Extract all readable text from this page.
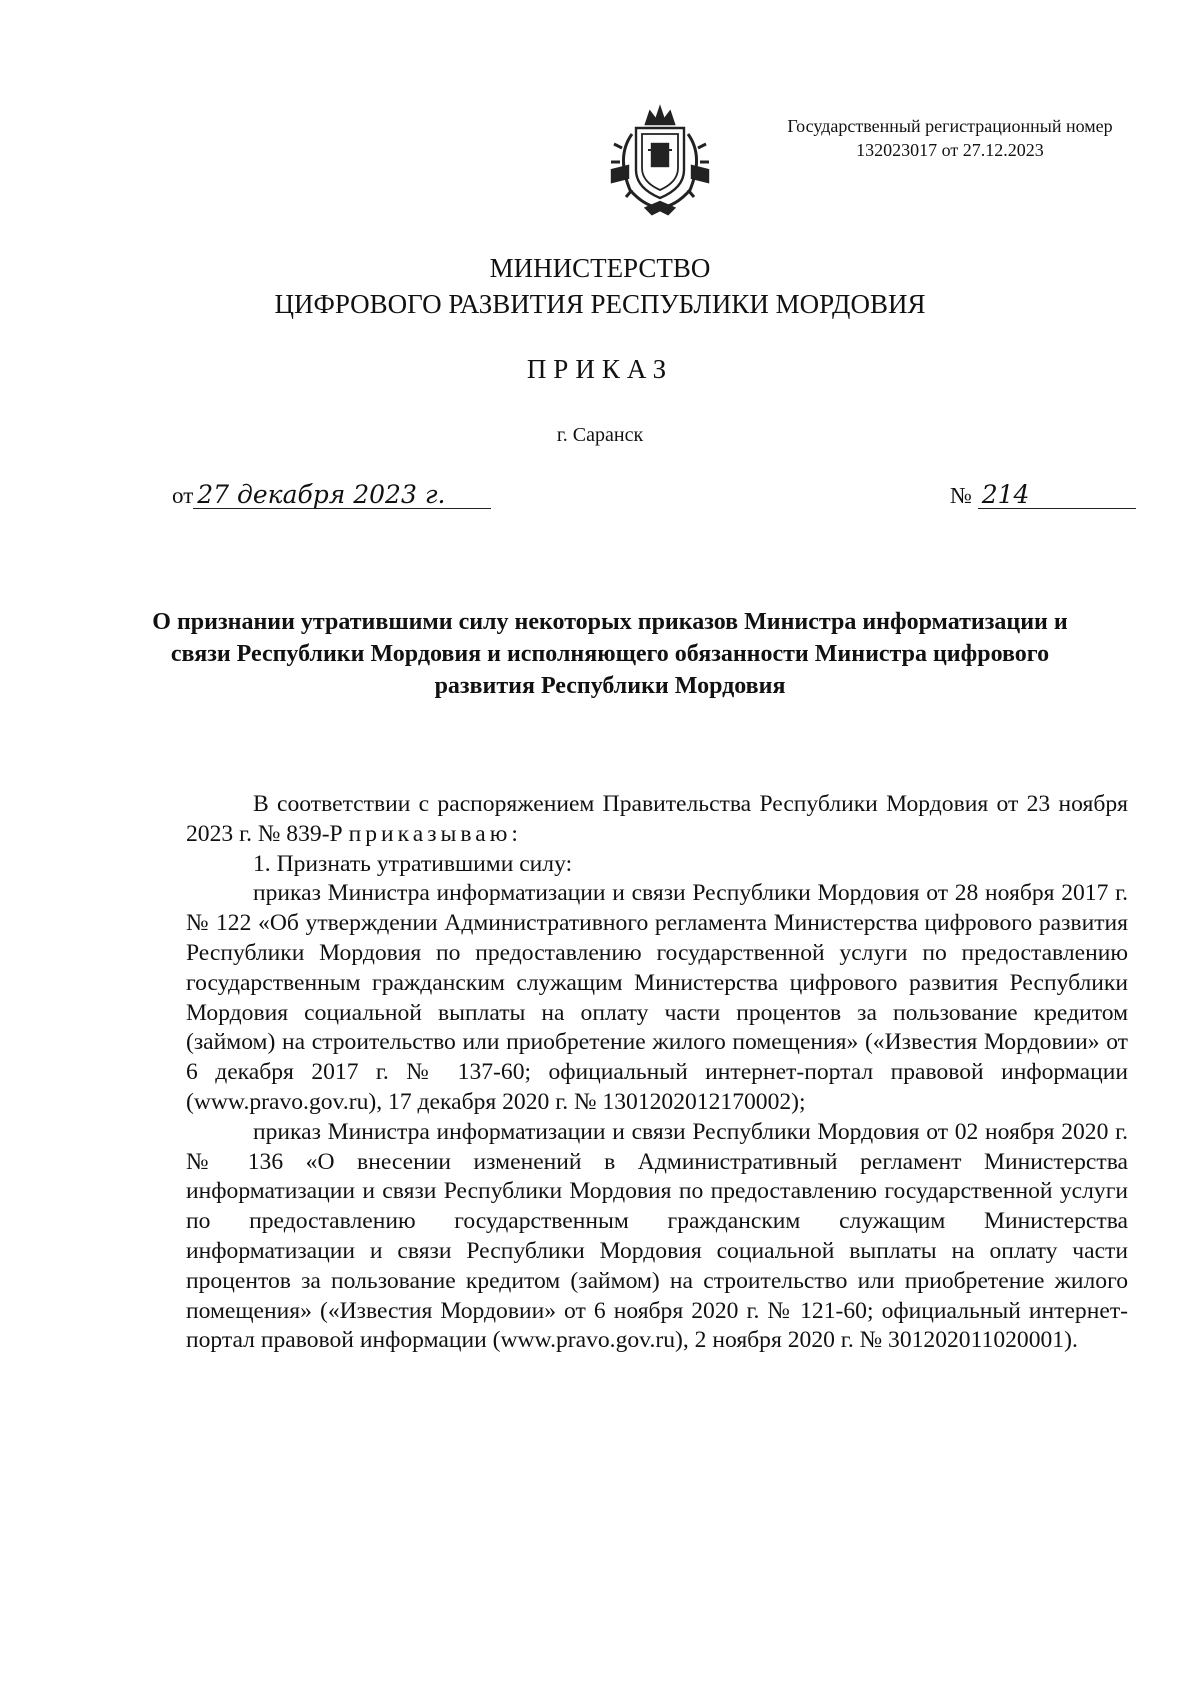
Государственный регистрационный номер
132023017 от 27.12.2023
МИНИСТЕРСТВО
ЦИФРОВОГО РАЗВИТИЯ РЕСПУБЛИКИ МОРДОВИЯ
ПРИКАЗ
г. Саранск
от 27 декабря 2023 г.	№ 214
О признании утратившими силу некоторых приказов Министра информатизации и связи Республики Мордовия и исполняющего обязанности Министра цифрового развития Республики Мордовия

В соответствии с распоряжением Правительства Республики Мордовия от 23 ноября 2023 г. № 839-Р приказываю:

1. Признать утратившими силу:

приказ Министра информатизации и связи Республики Мордовия от 28 ноября 2017 г. № 122 «Об утверждении Административного регламента Министерства цифрового развития Республики Мордовия по предоставлению государственной услуги по предоставлению государственным гражданским служащим Министерства цифрового развития Республики Мордовия социальной выплаты на оплату части процентов за пользование кредитом (займом) на строительство или приобретение жилого помещения» («Известия Мордовии» от 6 декабря 2017 г. № 137-60; официальный интернет-портал правовой информации (www.pravo.gov.ru), 17 декабря 2020 г. № 1301202012170002);

приказ Министра информатизации и связи Республики Мордовия от 02 ноября 2020 г. № 136 «О внесении изменений в Административный регламент Министерства информатизации и связи Республики Мордовия по предоставлению государственной услуги по предоставлению государственным гражданским служащим Министерства информатизации и связи Республики Мордовия социальной выплаты на оплату части процентов за пользование кредитом (займом) на строительство или приобретение жилого помещения» («Известия Мордовии» от 6 ноября 2020 г. № 121-60; официальный интернет-портал правовой информации (www.pravo.gov.ru), 2 ноября 2020 г. № 301202011020001).
